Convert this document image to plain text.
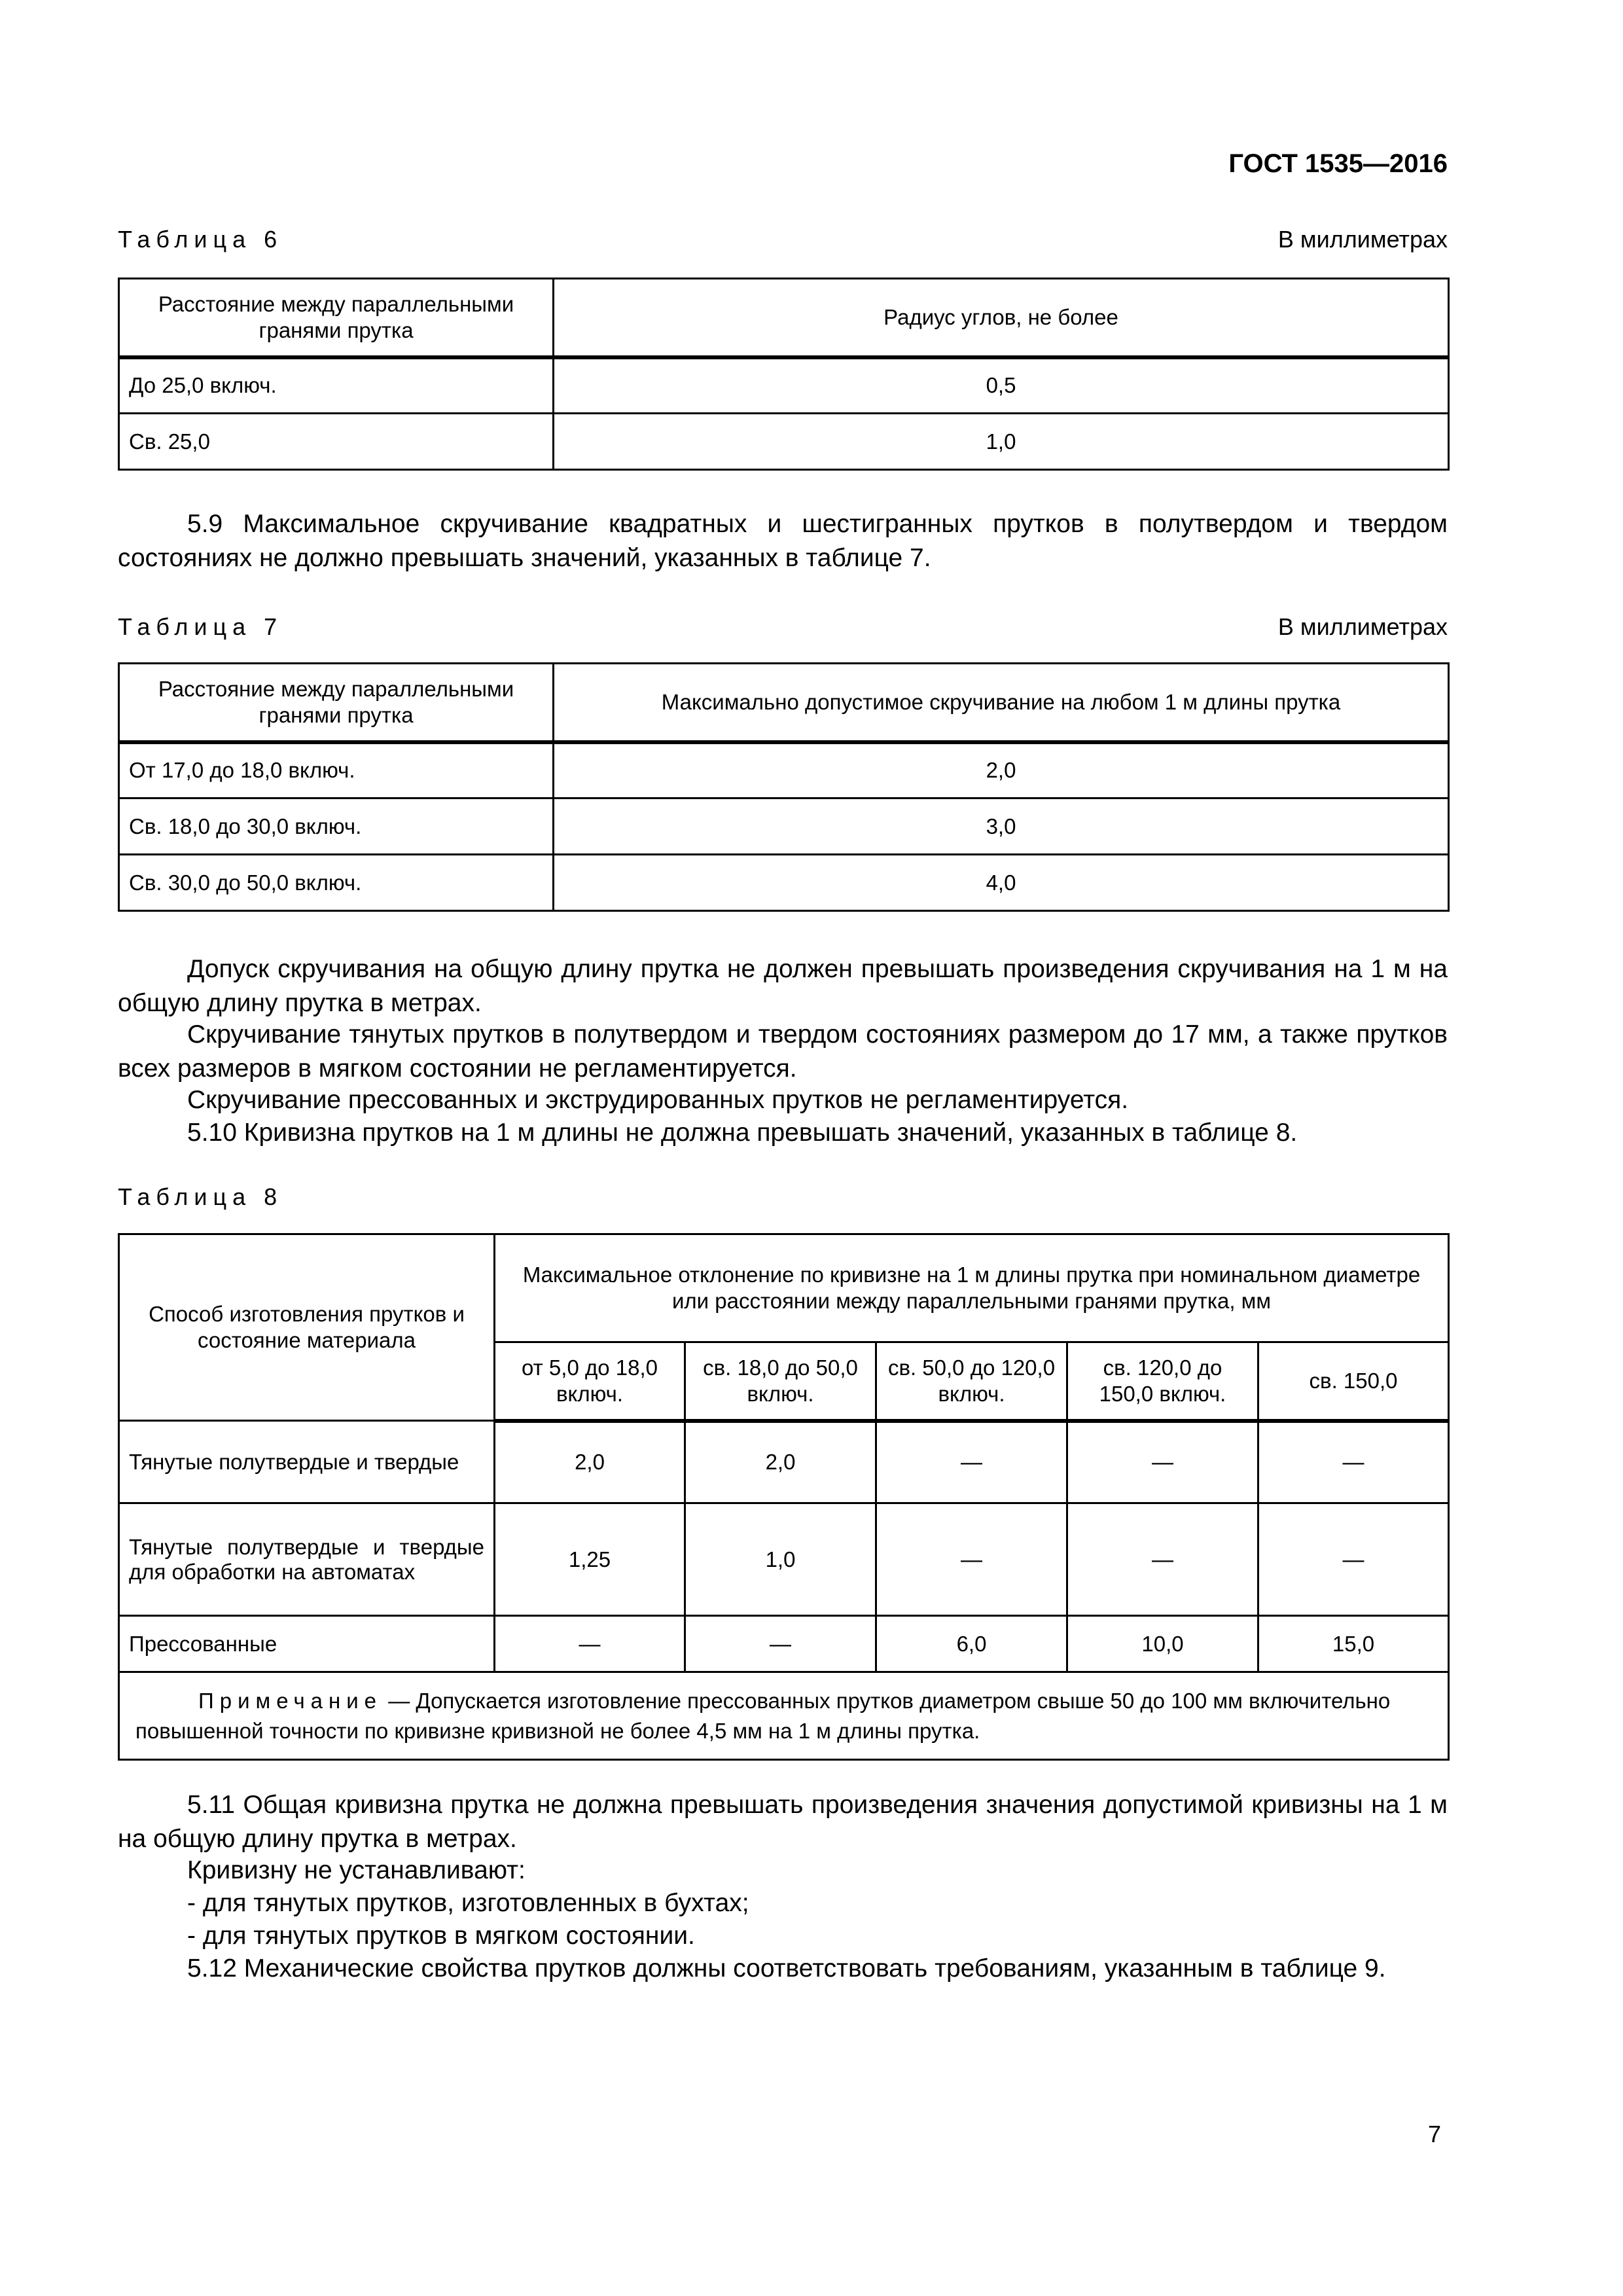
ГОСТ 1535—2016
Таблица 6	В миллиметрах
Расстояние между параллельными гранями прутка	Радиус углов, не более
До 25,0 включ.	0,5
Св. 25,0	1,0

5.9 Максимальное скручивание квадратных и шестигранных прутков в полутвердом и твердом состояниях не должно превышать значений, указанных в таблице 7.

Таблица 7	В миллиметрах
Расстояние между параллельными гранями прутка	Максимально допустимое скручивание на любом 1 м длины прутка
От 17,0 до 18,0 включ.	2,0
Св. 18,0 до 30,0 включ.	3,0
Св. 30,0 до 50,0 включ.	4,0

Допуск скручивания на общую длину прутка не должен превышать произведения скручивания на 1 м на общую длину прутка в метрах.

Скручивание тянутых прутков в полутвердом и твердом состояниях размером до 17 мм, а также прутков всех размеров в мягком состоянии не регламентируется.

Скручивание прессованных и экструдированных прутков не регламентируется.

5.10 Кривизна прутков на 1 м длины не должна превышать значений, указанных в таблице 8.

Таблица 8
Способ изготовления прутков и состояние материала	Максимальное отклонение по кривизне на 1 м длины прутка при номинальном диаметре или расстоянии между параллельными гранями прутка, мм				
	от 5,0 до 18,0 включ.	св. 18,0 до 50,0 включ.	св. 50,0 до 120,0 включ.	св. 120,0 до 150,0 включ.	св. 150,0
Тянутые полутвердые и твердые	2,0	2,0	—	—	—
Тянутые полутвердые и твердые для обработки на автоматах	1,25	1,0	—	—	—
Прессованные	—	—	6,0	10,0	15,0
Примечание — Допускается изготовление прессованных прутков диаметром свыше 50 до 100 мм включительно повышенной точности по кривизне кривизной не более 4,5 мм на 1 м длины прутка.					

5.11 Общая кривизна прутка не должна превышать произведения значения допустимой кривизны на 1 м на общую длину прутка в метрах.

Кривизну не устанавливают:

- для тянутых прутков, изготовленных в бухтах;

- для тянутых прутков в мягком состоянии.

5.12 Механические свойства прутков должны соответствовать требованиям, указанным в таблице 9.

7
